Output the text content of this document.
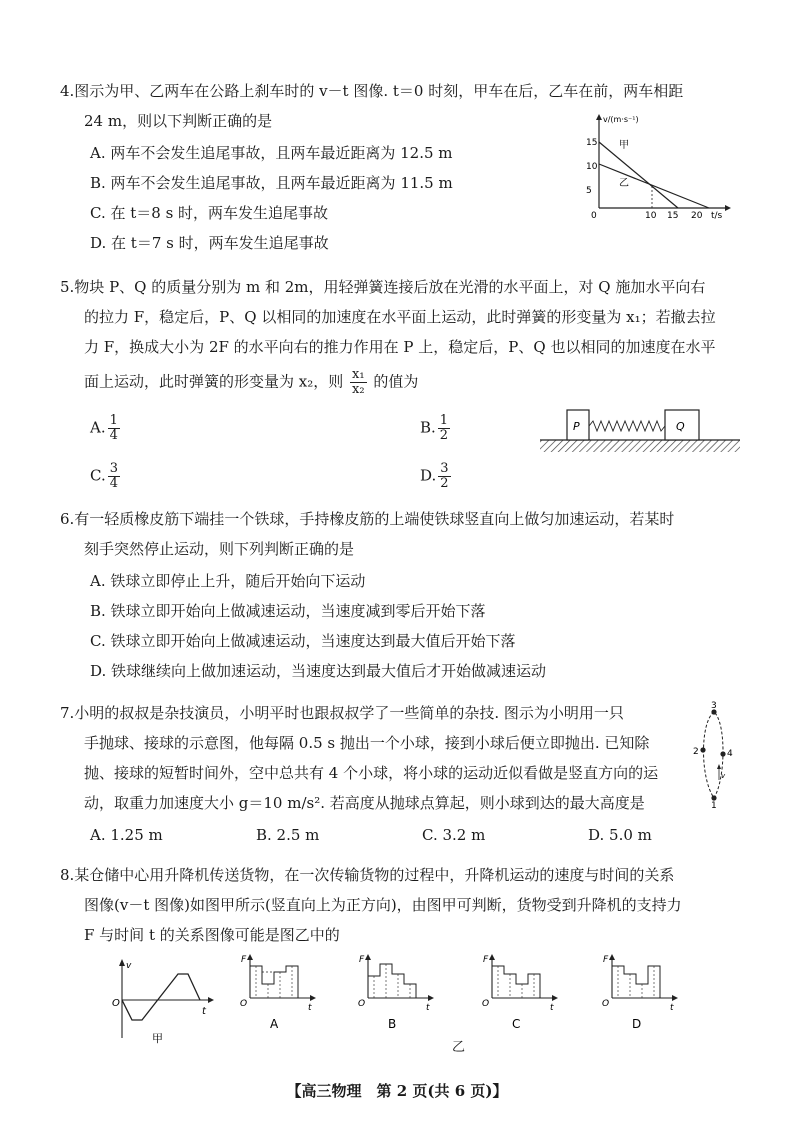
4.图示为甲、乙两车在公路上刹车时的 v－t 图像. t＝0 时刻，甲车在后，乙车在前，两车相距
24 m，则以下判断正确的是
A. 两车不会发生追尾事故，且两车最近距离为 12.5 m
B. 两车不会发生追尾事故，且两车最近距离为 11.5 m
C. 在 t＝8 s 时，两车发生追尾事故
D. 在 t＝7 s 时，两车发生追尾事故
v/(m·s⁻¹)
t/s
0
15
10
5
10 15 20
甲
乙
5.物块 P、Q 的质量分别为 m 和 2m，用轻弹簧连接后放在光滑的水平面上，对 Q 施加水平向右
的拉力 F，稳定后，P、Q 以相同的加速度在水平面上运动，此时弹簧的形变量为 x₁；若撤去拉
力 F，换成大小为 2F 的水平向右的推力作用在 P 上，稳定后，P、Q 也以相同的加速度在水平
面上运动，此时弹簧的形变量为 x₂，则 $\frac{\text{x₁}}{\text{x₂}}$ 的值为
A. $\frac{1}{4}$	B. $\frac{1}{2}$
C. $\frac{3}{4}$	D. $\frac{3}{2}$
P	Q
6.有一轻质橡皮筋下端挂一个铁球，手持橡皮筋的上端使铁球竖直向上做匀加速运动，若某时
刻手突然停止运动，则下列判断正确的是
A. 铁球立即停止上升，随后开始向下运动
B. 铁球立即开始向上做减速运动，当速度减到零后开始下落
C. 铁球立即开始向上做减速运动，当速度达到最大值后开始下落
D. 铁球继续向上做加速运动，当速度达到最大值后才开始做减速运动
7.小明的叔叔是杂技演员，小明平时也跟叔叔学了一些简单的杂技. 图示为小明用一只
手抛球、接球的示意图，他每隔 0.5 s 抛出一个小球，接到小球后便立即抛出. 已知除
抛、接球的短暂时间外，空中总共有 4 个小球，将小球的运动近似看做是竖直方向的运
动，取重力加速度大小 g＝10 m/s². 若高度从抛球点算起，则小球到达的最大高度是
A. 1.25 m	B. 2.5 m	C. 3.2 m	D. 5.0 m
3
2	4
1
v
8.某仓储中心用升降机传送货物，在一次传输货物的过程中，升降机运动的速度与时间的关系
图像(v－t 图像)如图甲所示(竖直向上为正方向)，由图甲可判断，货物受到升降机的支持力
F 与时间 t 的关系图像可能是图乙中的
v
O
t
甲
F
O	t
A
F
O	t
B
F
O	t
C
F
O	t
D
乙
【高三物理　第 2 页(共 6 页)】
